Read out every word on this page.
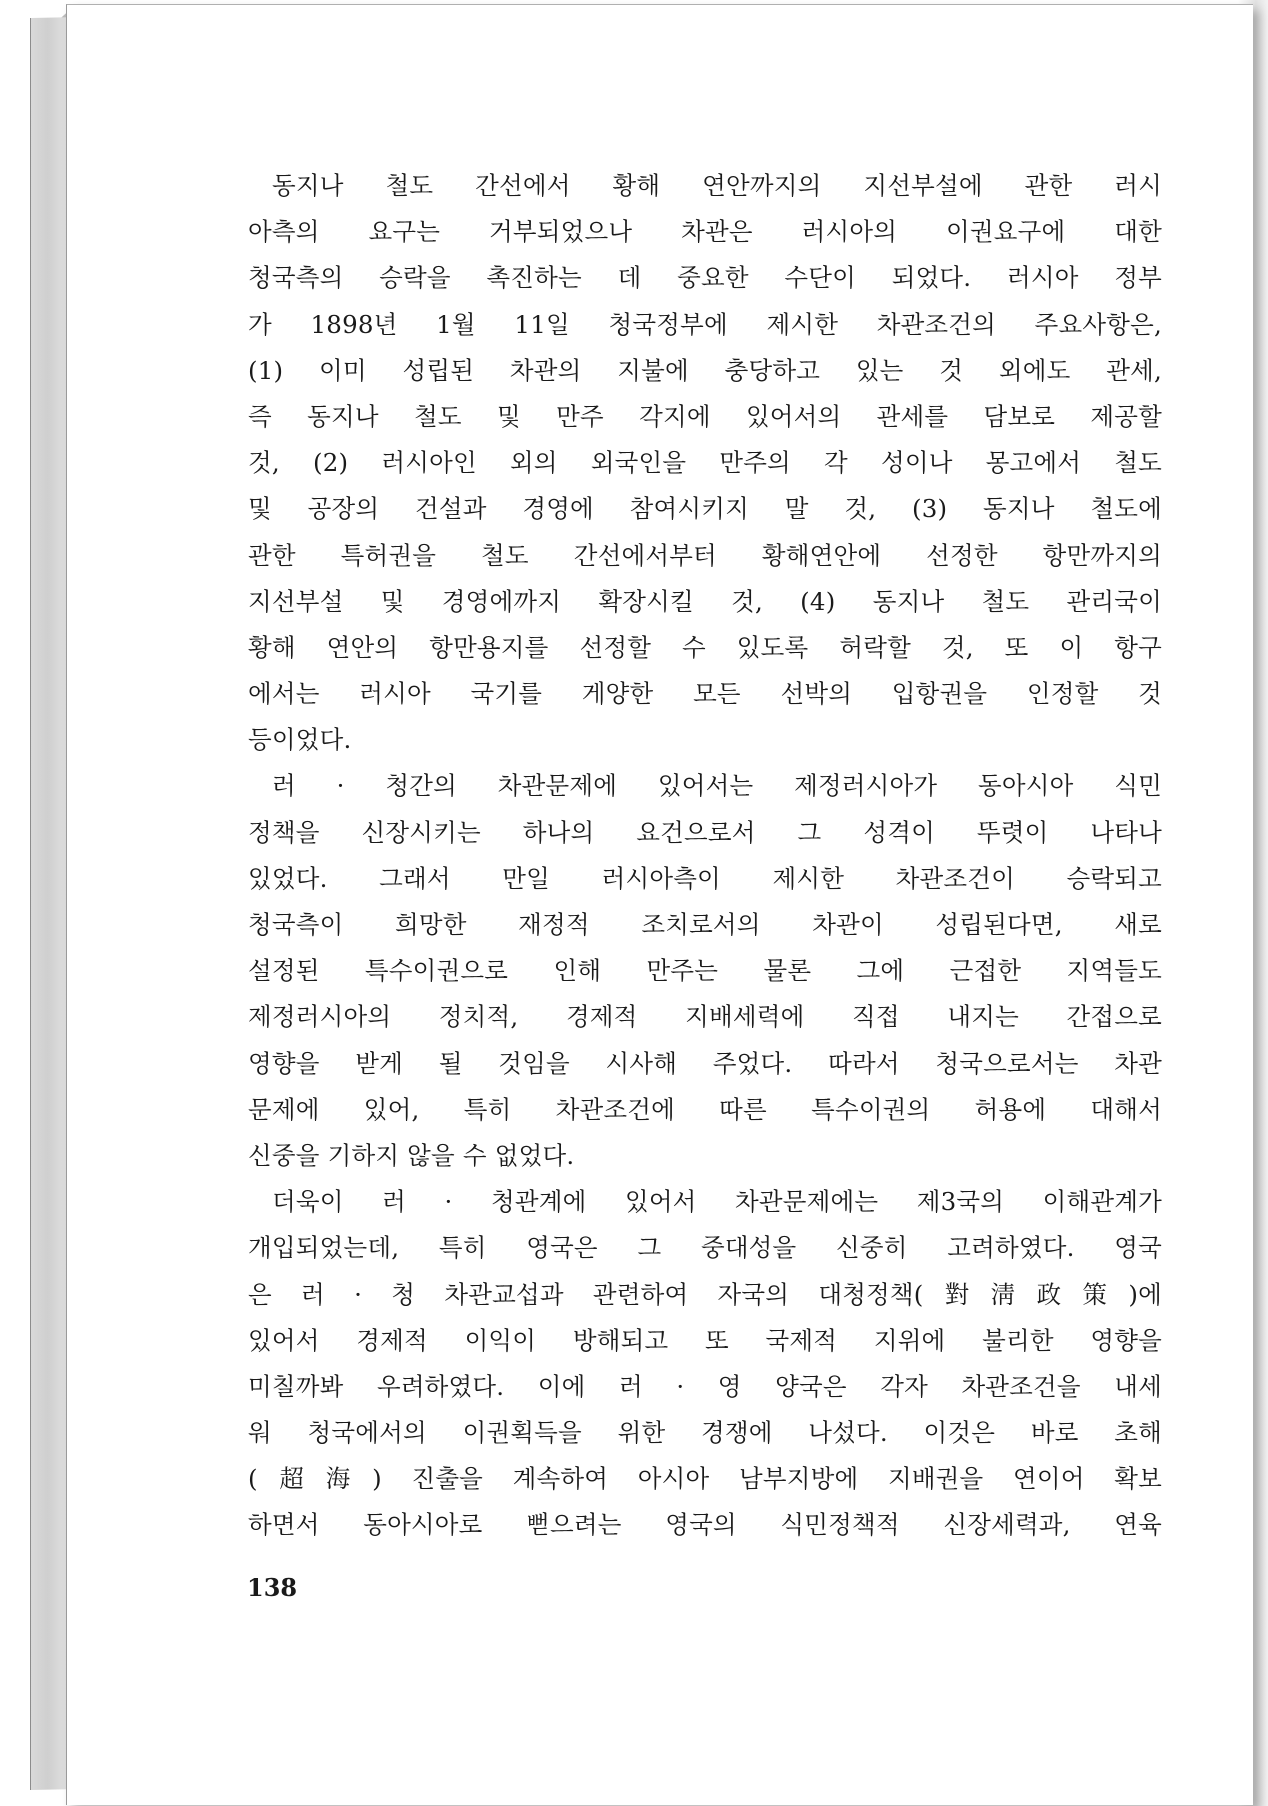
동지나 철도 간선에서 황해 연안까지의 지선부설에 관한 러시
아측의 요구는 거부되었으나 차관은 러시아의 이권요구에 대한
청국측의 승락을 촉진하는 데 중요한 수단이 되었다. 러시아 정부
가 1898년 1월 11일 청국정부에 제시한 차관조건의 주요사항은,
(1) 이미 성립된 차관의 지불에 충당하고 있는 것 외에도 관세,
즉 동지나 철도 및 만주 각지에 있어서의 관세를 담보로 제공할
것, (2) 러시아인 외의 외국인을 만주의 각 성이나 몽고에서 철도
및 공장의 건설과 경영에 참여시키지 말 것, (3) 동지나 철도에
관한 특허권을 철도 간선에서부터 황해연안에 선정한 항만까지의
지선부설 및 경영에까지 확장시킬 것, (4) 동지나 철도 관리국이
황해 연안의 항만용지를 선정할 수 있도록 허락할 것, 또 이 항구
에서는 러시아 국기를 게양한 모든 선박의 입항권을 인정할 것
등이었다.
러 · 청간의 차관문제에 있어서는 제정러시아가 동아시아 식민
정책을 신장시키는 하나의 요건으로서 그 성격이 뚜렷이 나타나
있었다. 그래서 만일 러시아측이 제시한 차관조건이 승락되고
청국측이 희망한 재정적 조치로서의 차관이 성립된다면, 새로
설정된 특수이권으로 인해 만주는 물론 그에 근접한 지역들도
제정러시아의 정치적, 경제적 지배세력에 직접 내지는 간접으로
영향을 받게 될 것임을 시사해 주었다. 따라서 청국으로서는 차관
문제에 있어, 특히 차관조건에 따른 특수이권의 허용에 대해서
신중을 기하지 않을 수 없었다.
더욱이 러 · 청관계에 있어서 차관문제에는 제3국의 이해관계가
개입되었는데, 특히 영국은 그 중대성을 신중히 고려하였다. 영국
은 러 · 청 차관교섭과 관련하여 자국의 대청정책(對淸政策)에
있어서 경제적 이익이 방해되고 또 국제적 지위에 불리한 영향을
미칠까봐 우려하였다. 이에 러 · 영 양국은 각자 차관조건을 내세
워 청국에서의 이권획득을 위한 경쟁에 나섰다. 이것은 바로 초해
(超海) 진출을 계속하여 아시아 남부지방에 지배권을 연이어 확보
하면서 동아시아로 뻗으려는 영국의 식민정책적 신장세력과, 연육
138
